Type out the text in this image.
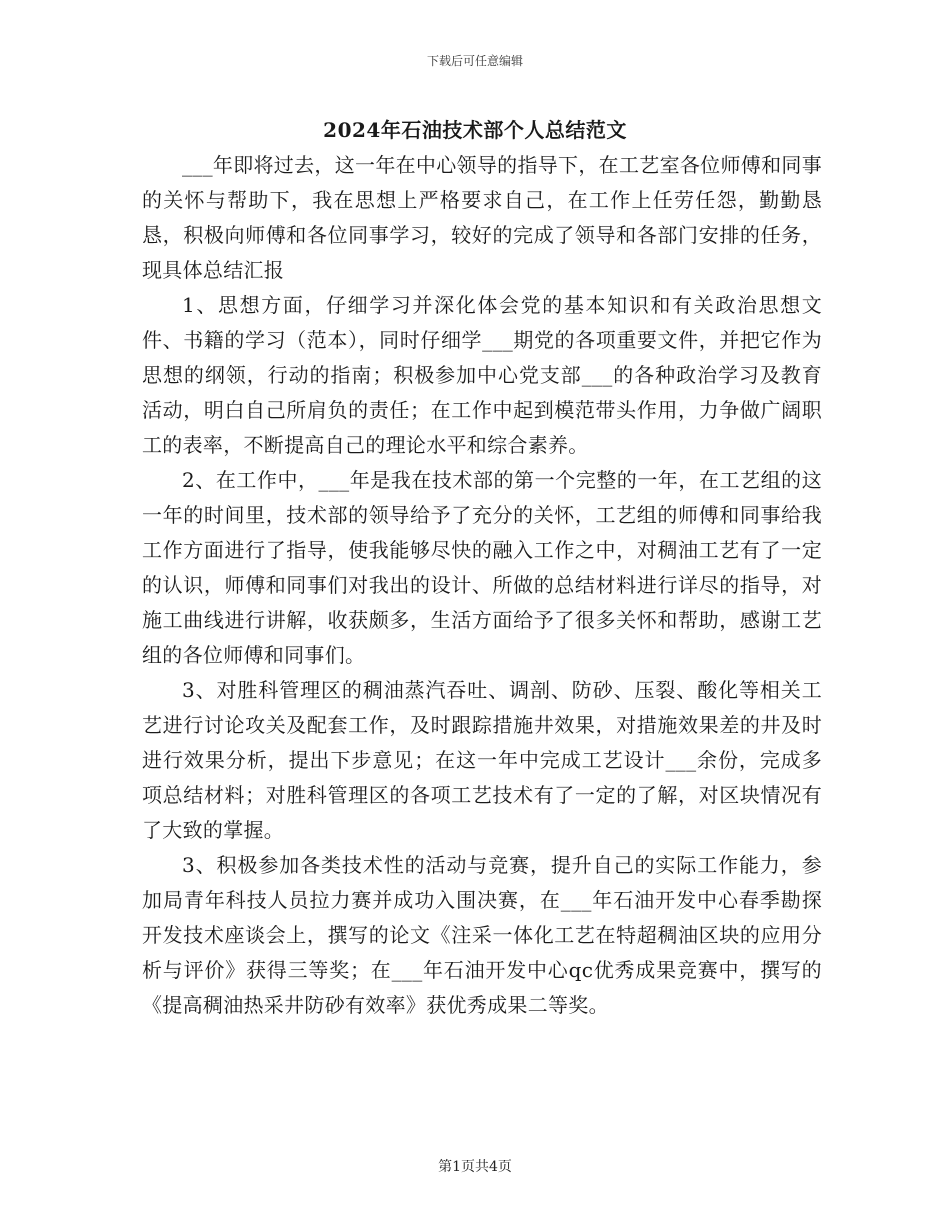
下载后可任意编辑
2024年石油技术部个人总结范文

___年即将过去，这一年在中心领导的指导下，在工艺室各位师傅和同事的关怀与帮助下，我在思想上严格要求自己，在工作上任劳任怨，勤勤恳恳，积极向师傅和各位同事学习，较好的完成了领导和各部门安排的任务，现具体总结汇报

1、思想方面，仔细学习并深化体会党的基本知识和有关政治思想文件、书籍的学习（范本），同时仔细学___期党的各项重要文件，并把它作为思想的纲领，行动的指南；积极参加中心党支部___的各种政治学习及教育活动，明白自己所肩负的责任；在工作中起到模范带头作用，力争做广阔职工的表率，不断提高自己的理论水平和综合素养。

2、在工作中，___年是我在技术部的第一个完整的一年，在工艺组的这一年的时间里，技术部的领导给予了充分的关怀，工艺组的师傅和同事给我工作方面进行了指导，使我能够尽快的融入工作之中，对稠油工艺有了一定的认识，师傅和同事们对我出的设计、所做的总结材料进行详尽的指导，对施工曲线进行讲解，收获颇多，生活方面给予了很多关怀和帮助，感谢工艺组的各位师傅和同事们。

3、对胜科管理区的稠油蒸汽吞吐、调剖、防砂、压裂、酸化等相关工艺进行讨论攻关及配套工作，及时跟踪措施井效果，对措施效果差的井及时进行效果分析，提出下步意见；在这一年中完成工艺设计___余份，完成多项总结材料；对胜科管理区的各项工艺技术有了一定的了解，对区块情况有了大致的掌握。

3、积极参加各类技术性的活动与竞赛，提升自己的实际工作能力，参加局青年科技人员拉力赛并成功入围决赛，在___年石油开发中心春季勘探开发技术座谈会上，撰写的论文《注采一体化工艺在特超稠油区块的应用分析与评价》获得三等奖；在___年石油开发中心qc优秀成果竞赛中，撰写的《提高稠油热采井防砂有效率》获优秀成果二等奖。

第1页共4页
